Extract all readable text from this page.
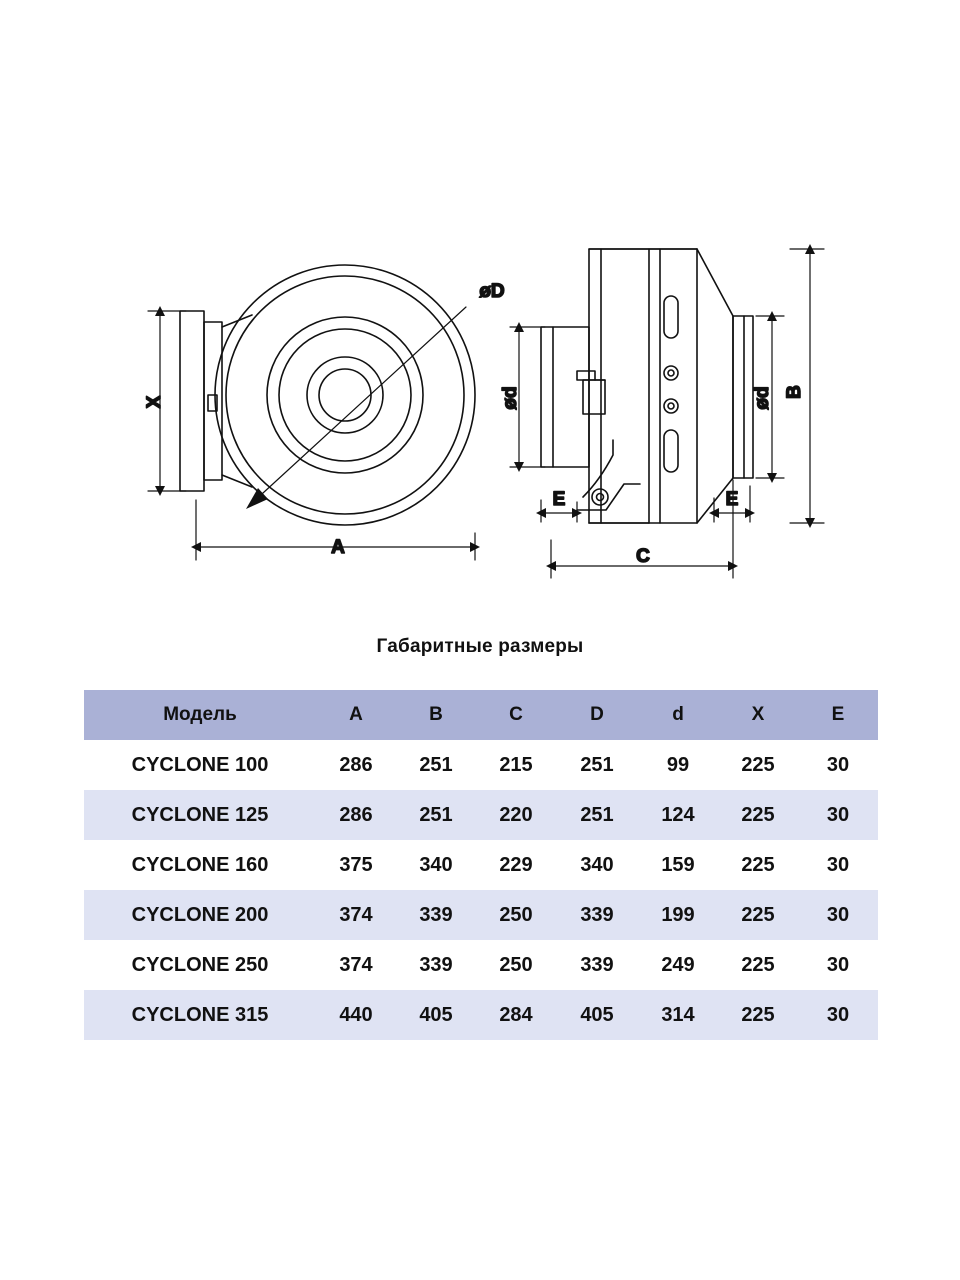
X
A
øD
ød	ød B
C
E	E
Габаритные размеры
Модель	A	B	C	D	d	X	E
CYCLONE 100	286	251	215	251	99	225	30
CYCLONE 125	286	251	220	251	124	225	30
CYCLONE 160	375	340	229	340	159	225	30
CYCLONE 200	374	339	250	339	199	225	30
CYCLONE 250	374	339	250	339	249	225	30
CYCLONE 315	440	405	284	405	314	225	30
